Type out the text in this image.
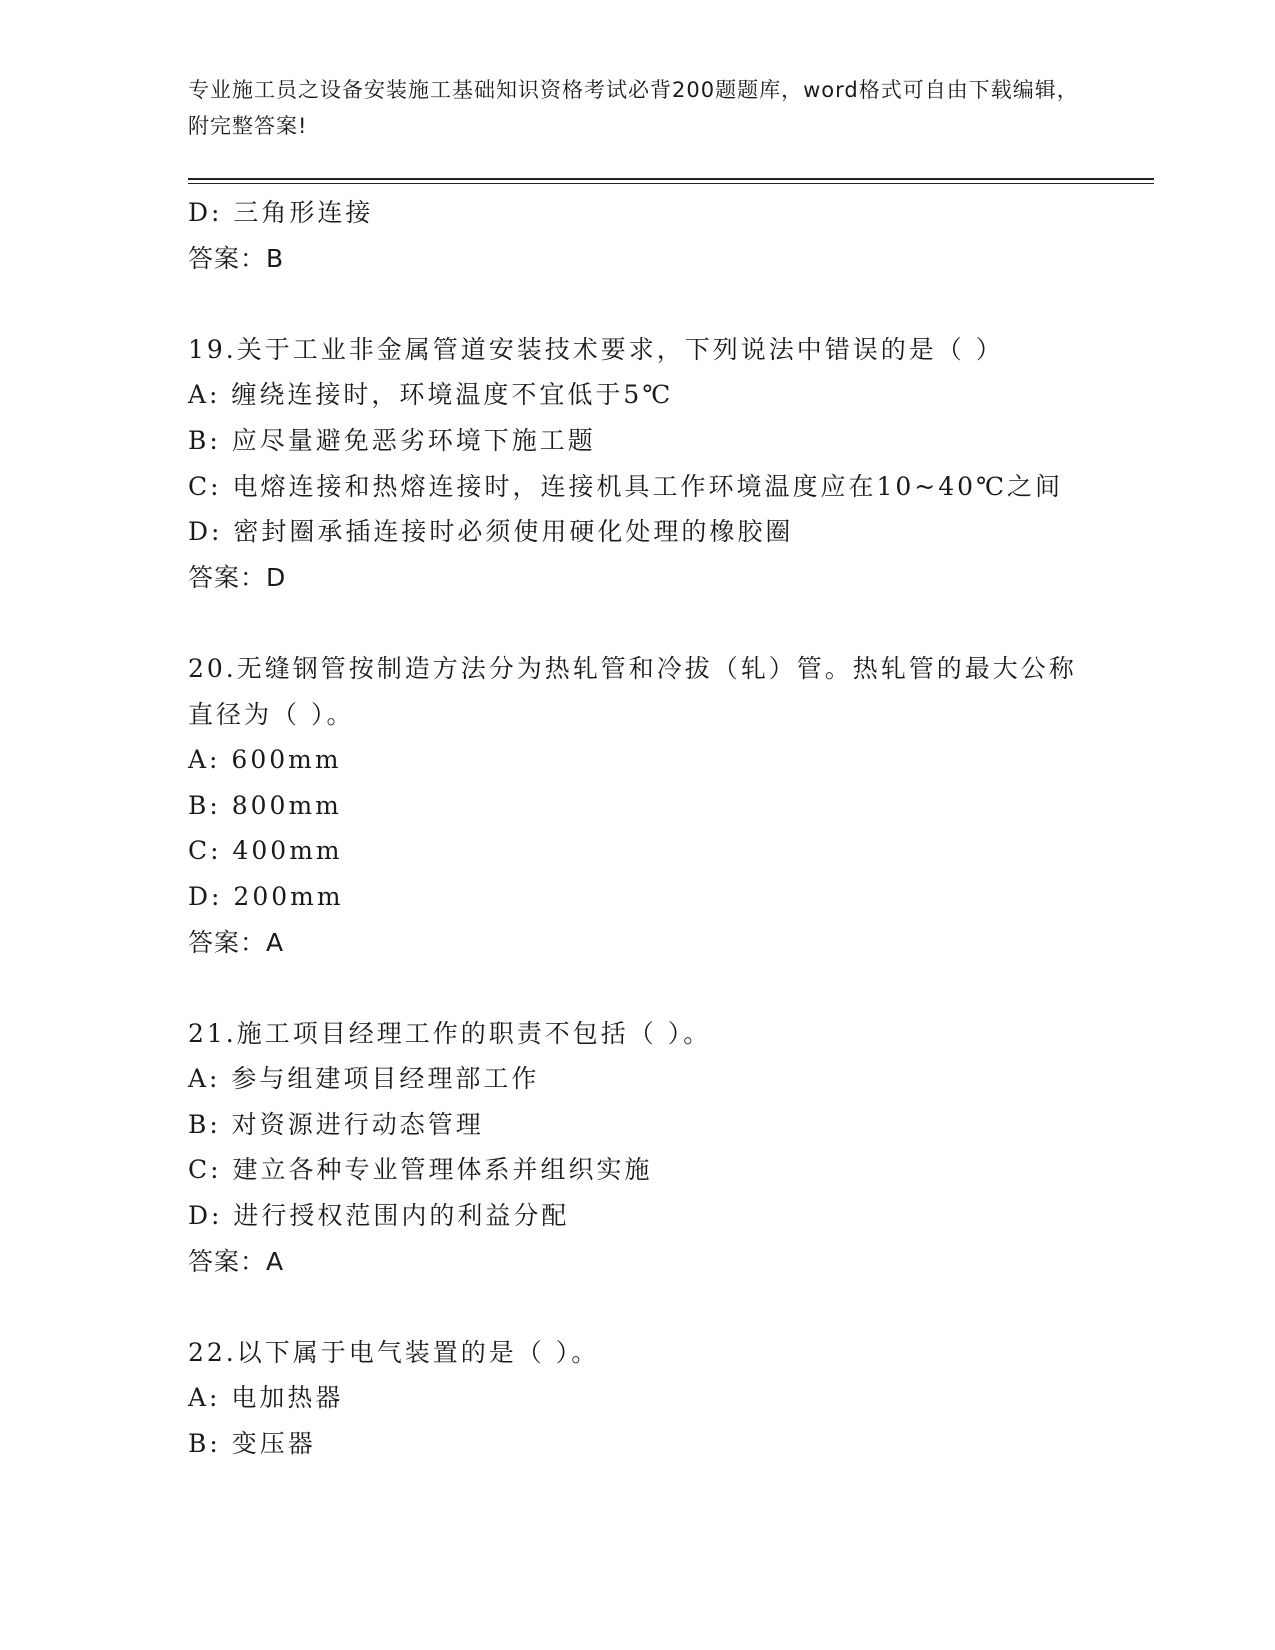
专业施工员之设备安装施工基础知识资格考试必背200题题库，word格式可自由下载编辑，附完整答案!
D: 三角形连接
答案：B
19.关于工业非金属管道安装技术要求，下列说法中错误的是（ ）
A: 缠绕连接时，环境温度不宜低于5℃
B: 应尽量避免恶劣环境下施工题
C: 电熔连接和热熔连接时，连接机具工作环境温度应在10~40℃之间
D: 密封圈承插连接时必须使用硬化处理的橡胶圈
答案：D
20.无缝钢管按制造方法分为热轧管和冷拔（轧）管。热轧管的最大公称直径为（ ）。
A: 600mm
B: 800mm
C: 400mm
D: 200mm
答案：A
21.施工项目经理工作的职责不包括（ ）。
A: 参与组建项目经理部工作
B: 对资源进行动态管理
C: 建立各种专业管理体系并组织实施
D: 进行授权范围内的利益分配
答案：A
22.以下属于电气装置的是（ ）。
A: 电加热器
B: 变压器
